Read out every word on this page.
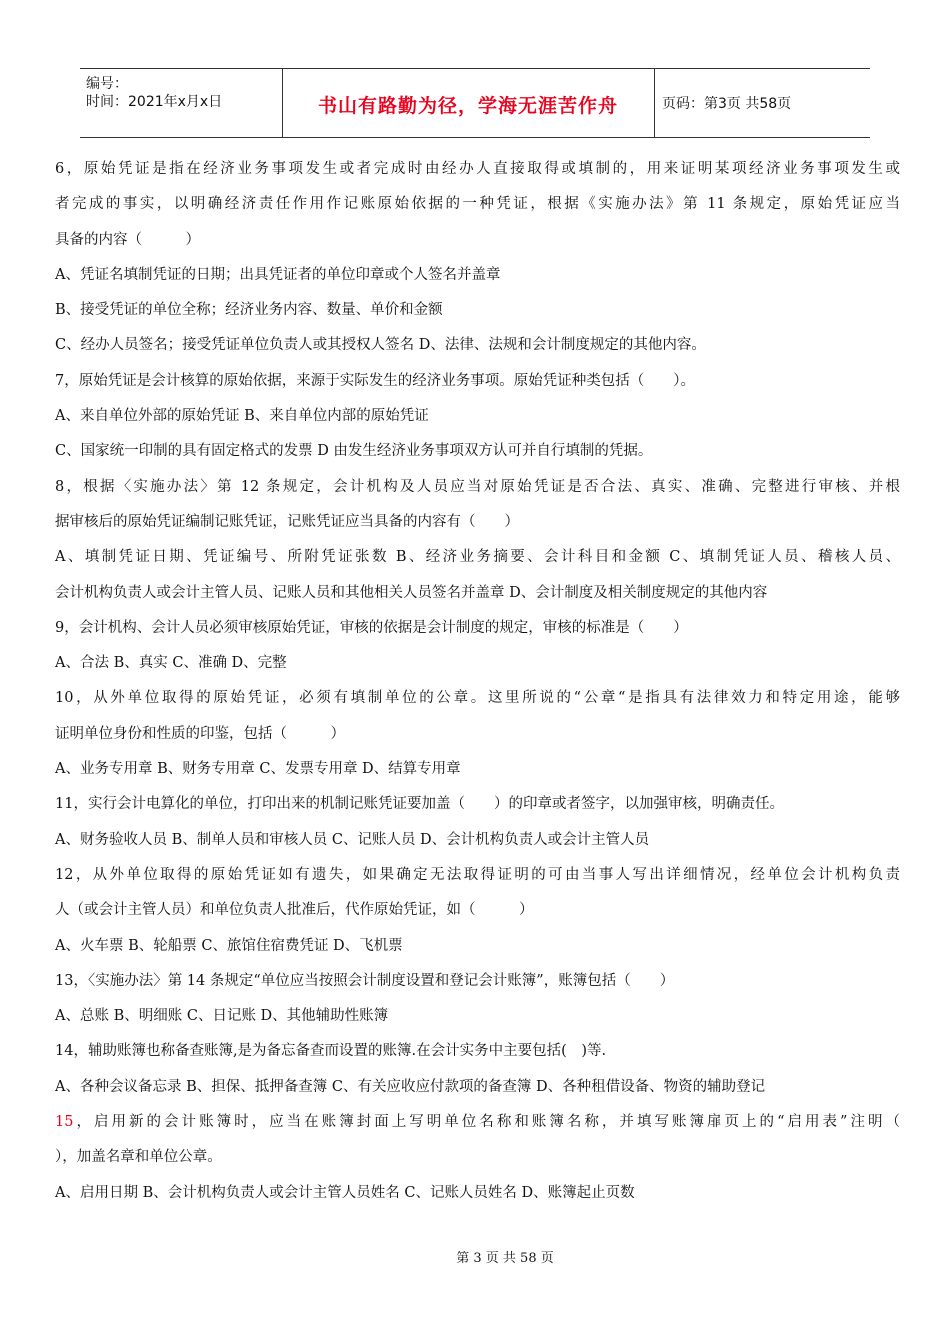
编号：
时间：2021年x月x日	书山有路勤为径，学海无涯苦作舟	页码：第3页 共58页
6，原始凭证是指在经济业务事项发生或者完成时由经办人直接取得或填制的，用来证明某项经济业务事项发生或
者完成的事实，以明确经济责任作用作记账原始依据的一种凭证，根据《实施办法》第 11 条规定，原始凭证应当
具备的内容（　　　）
A、凭证名填制凭证的日期；出具凭证者的单位印章或个人签名并盖章
B、接受凭证的单位全称；经济业务内容、数量、单价和金额
C、经办人员签名；接受凭证单位负责人或其授权人签名 D、法律、法规和会计制度规定的其他内容。
7，原始凭证是会计核算的原始依据，来源于实际发生的经济业务事项。原始凭证种类包括（　　）。
A、来自单位外部的原始凭证 B、来自单位内部的原始凭证
C、国家统一印制的具有固定格式的发票 D 由发生经济业务事项双方认可并自行填制的凭据。
8，根据〈实施办法〉第 12 条规定，会计机构及人员应当对原始凭证是否合法、真实、准确、完整进行审核、并根
据审核后的原始凭证编制记账凭证，记账凭证应当具备的内容有（　　）
A、填制凭证日期、凭证编号、所附凭证张数 B、经济业务摘要、会计科目和金额 C、填制凭证人员、稽核人员、
会计机构负责人或会计主管人员、记账人员和其他相关人员签名并盖章 D、会计制度及相关制度规定的其他内容
9，会计机构、会计人员必须审核原始凭证，审核的依据是会计制度的规定，审核的标准是（　　）
A、合法 B、真实 C、准确 D、完整
10，从外单位取得的原始凭证，必须有填制单位的公章。这里所说的“公章“是指具有法律效力和特定用途，能够
证明单位身份和性质的印鉴，包括（　　　）
A、业务专用章 B、财务专用章 C、发票专用章 D、结算专用章
11，实行会计电算化的单位，打印出来的机制记账凭证要加盖（　　）的印章或者签字，以加强审核，明确责任。
A、财务验收人员 B、制单人员和审核人员 C、记账人员 D、会计机构负责人或会计主管人员
12，从外单位取得的原始凭证如有遗失，如果确定无法取得证明的可由当事人写出详细情况，经单位会计机构负责
人（或会计主管人员）和单位负责人批准后，代作原始凭证，如（　　　）
A、火车票 B、轮船票 C、旅馆住宿费凭证 D、飞机票
13，〈实施办法〉第 14 条规定“单位应当按照会计制度设置和登记会计账簿”，账簿包括（　　）
A、总账 B、明细账 C、日记账 D、其他辅助性账簿
14，辅助账簿也称备查账簿,是为备忘备查而设置的账簿.在会计实务中主要包括(　)等.
A、各种会议备忘录 B、担保、抵押备查簿 C、有关应收应付款项的备查簿 D、各种租借设备、物资的辅助登记
15，启用新的会计账簿时，应当在账簿封面上写明单位名称和账簿名称，并填写账簿扉页上的“启用表”注明（
），加盖名章和单位公章。
A、启用日期 B、会计机构负责人或会计主管人员姓名 C、记账人员姓名 D、账簿起止页数
第 3 页 共 58 页
